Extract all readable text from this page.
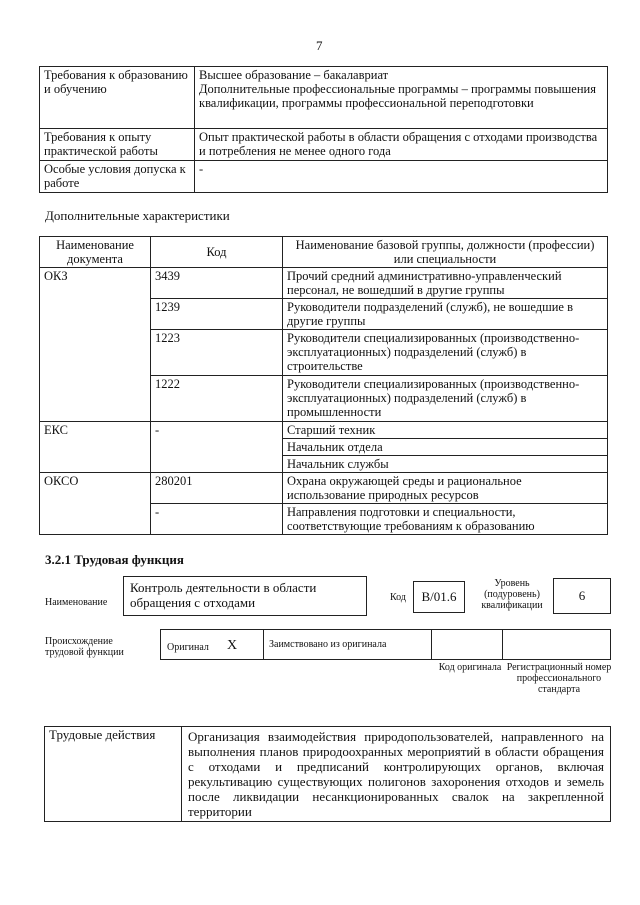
7
Требования к образованию и обучению	Высшее образование – бакалавриат
Дополнительные профессиональные программы – программы повышения квалификации, программы профессиональной переподготовки

Требования к опыту практической работы	Опыт практической работы в области обращения с отходами производства и потребления не менее одного года
Особые условия допуска к работе	-
Дополнительные характеристики
Наименование документа	Код	Наименование базовой группы, должности (профессии) или специальности
ОКЗ	3439	Прочий средний административно-управленческий персонал, не вошедший в другие группы
	1239	Руководители подразделений (служб), не вошедшие в другие группы
	1223	Руководители специализированных (производственно-эксплуатационных) подразделений (служб) в строительстве
	1222	Руководители специализированных (производственно-эксплуатационных) подразделений (служб) в промышленности
ЕКС	-	Старший техник
		Начальник отдела
		Начальник службы
ОКСО	280201	Охрана окружающей среды и рациональное использование природных ресурсов
	-	Направления подготовки и специальности, соответствующие требованиям к образованию
3.2.1 Трудовая функция
Наименование
Контроль деятельности в области обращения с отходами	Код	В/01.6
Уровень (подуровень) квалификации
6
Происхождение трудовой функции	Оригинал X	Заимствовано из оригинала
Код оригинала Регистрационный номер профессионального стандарта
Трудовые действия	Организация взаимодействия природопользователей, направленного на выполнения планов природоохранных мероприятий в области обращения с отходами и предписаний контролирующих органов, включая рекультивацию существующих полигонов захоронения отходов и земель после ликвидации несанкционированных свалок на закрепленной территории
